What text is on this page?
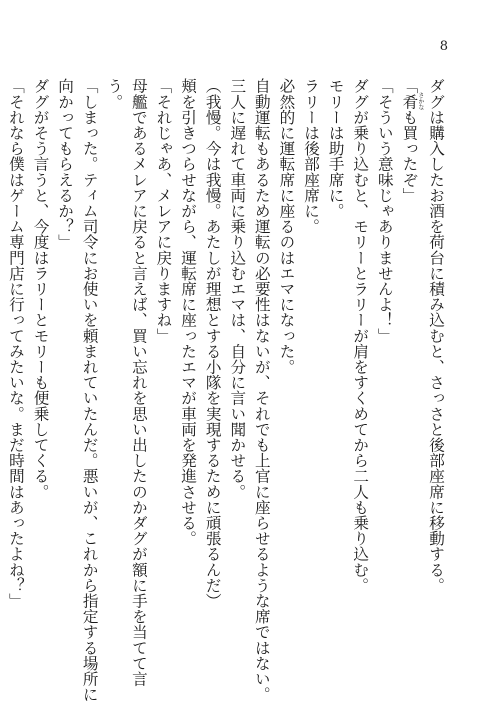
8
ダグは購入したお酒を荷台に積み込むと、さっさと後部座席に移動する。
「肴さかなも買ったぞ」
「そういう意味じゃありませんよ！」
ダグが乗り込むと、モリーとラリーが肩をすくめてから二人も乗り込む。
モリーは助手席に。
ラリーは後部座席に。
必然的に運転席に座るのはエマになった。
自動運転もあるため運転の必要性はないが、それでも上官に座らせるような席ではない。
三人に遅れて車両に乗り込むエマは、自分に言い聞かせる。
（我慢。今は我慢。あたしが理想とする小隊を実現するために頑張るんだ）
頬を引きつらせながら、運転席に座ったエマが車両を発進させる。
「それじゃあ、メレアに戻りますね」
母艦であるメレアに戻ると言えば、買い忘れを思い出したのかダグが額に手を当てて言
う。
「しまった。ティム司令にお使いを頼まれていたんだ。悪いが、これから指定する場所に
向かってもらえるか？」
ダグがそう言うと、今度はラリーとモリーも便乗してくる。
「それなら僕はゲーム専門店に行ってみたいな。まだ時間はあったよね？」
